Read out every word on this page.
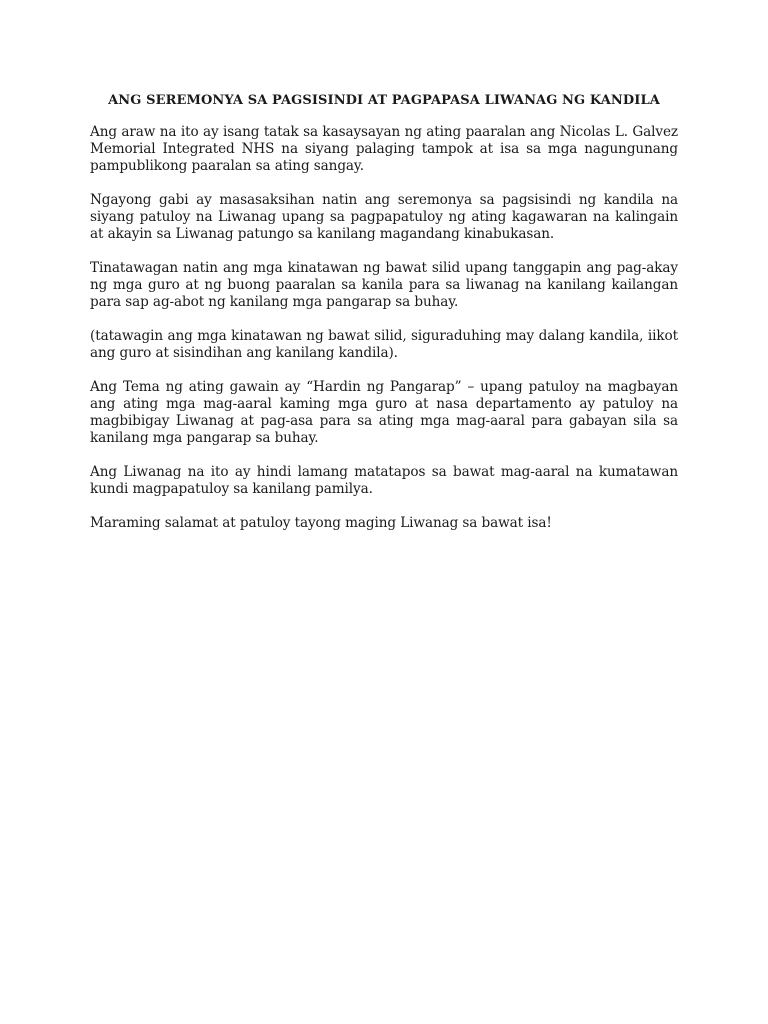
ANG SEREMONYA SA PAGSISINDI AT PAGPAPASA LIWANAG NG KANDILA

Ang araw na ito ay isang tatak sa kasaysayan ng ating paaralan ang Nicolas L. Galvez Memorial Integrated NHS na siyang palaging tampok at isa sa mga nagungunang pampublikong paaralan sa ating sangay.

Ngayong gabi ay masasaksihan natin ang seremonya sa pagsisindi ng kandila na siyang patuloy na Liwanag upang sa pagpapatuloy ng ating kagawaran na kalingain at akayin sa Liwanag patungo sa kanilang magandang kinabukasan.

Tinatawagan natin ang mga kinatawan ng bawat silid upang tanggapin ang pag-akay ng mga guro at ng buong paaralan sa kanila para sa liwanag na kanilang kailangan para sap ag-abot ng kanilang mga pangarap sa buhay.

(tatawagin ang mga kinatawan ng bawat silid, siguraduhing may dalang kandila, iikot ang guro at sisindihan ang kanilang kandila).

Ang Tema ng ating gawain ay “Hardin ng Pangarap” – upang patuloy na magbayan ang ating mga mag-aaral kaming mga guro at nasa departamento ay patuloy na magbibigay Liwanag at pag-asa para sa ating mga mag-aaral para gabayan sila sa kanilang mga pangarap sa buhay.

Ang Liwanag na ito ay hindi lamang matatapos sa bawat mag-aaral na kumatawan kundi magpapatuloy sa kanilang pamilya.

Maraming salamat at patuloy tayong maging Liwanag sa bawat isa!
